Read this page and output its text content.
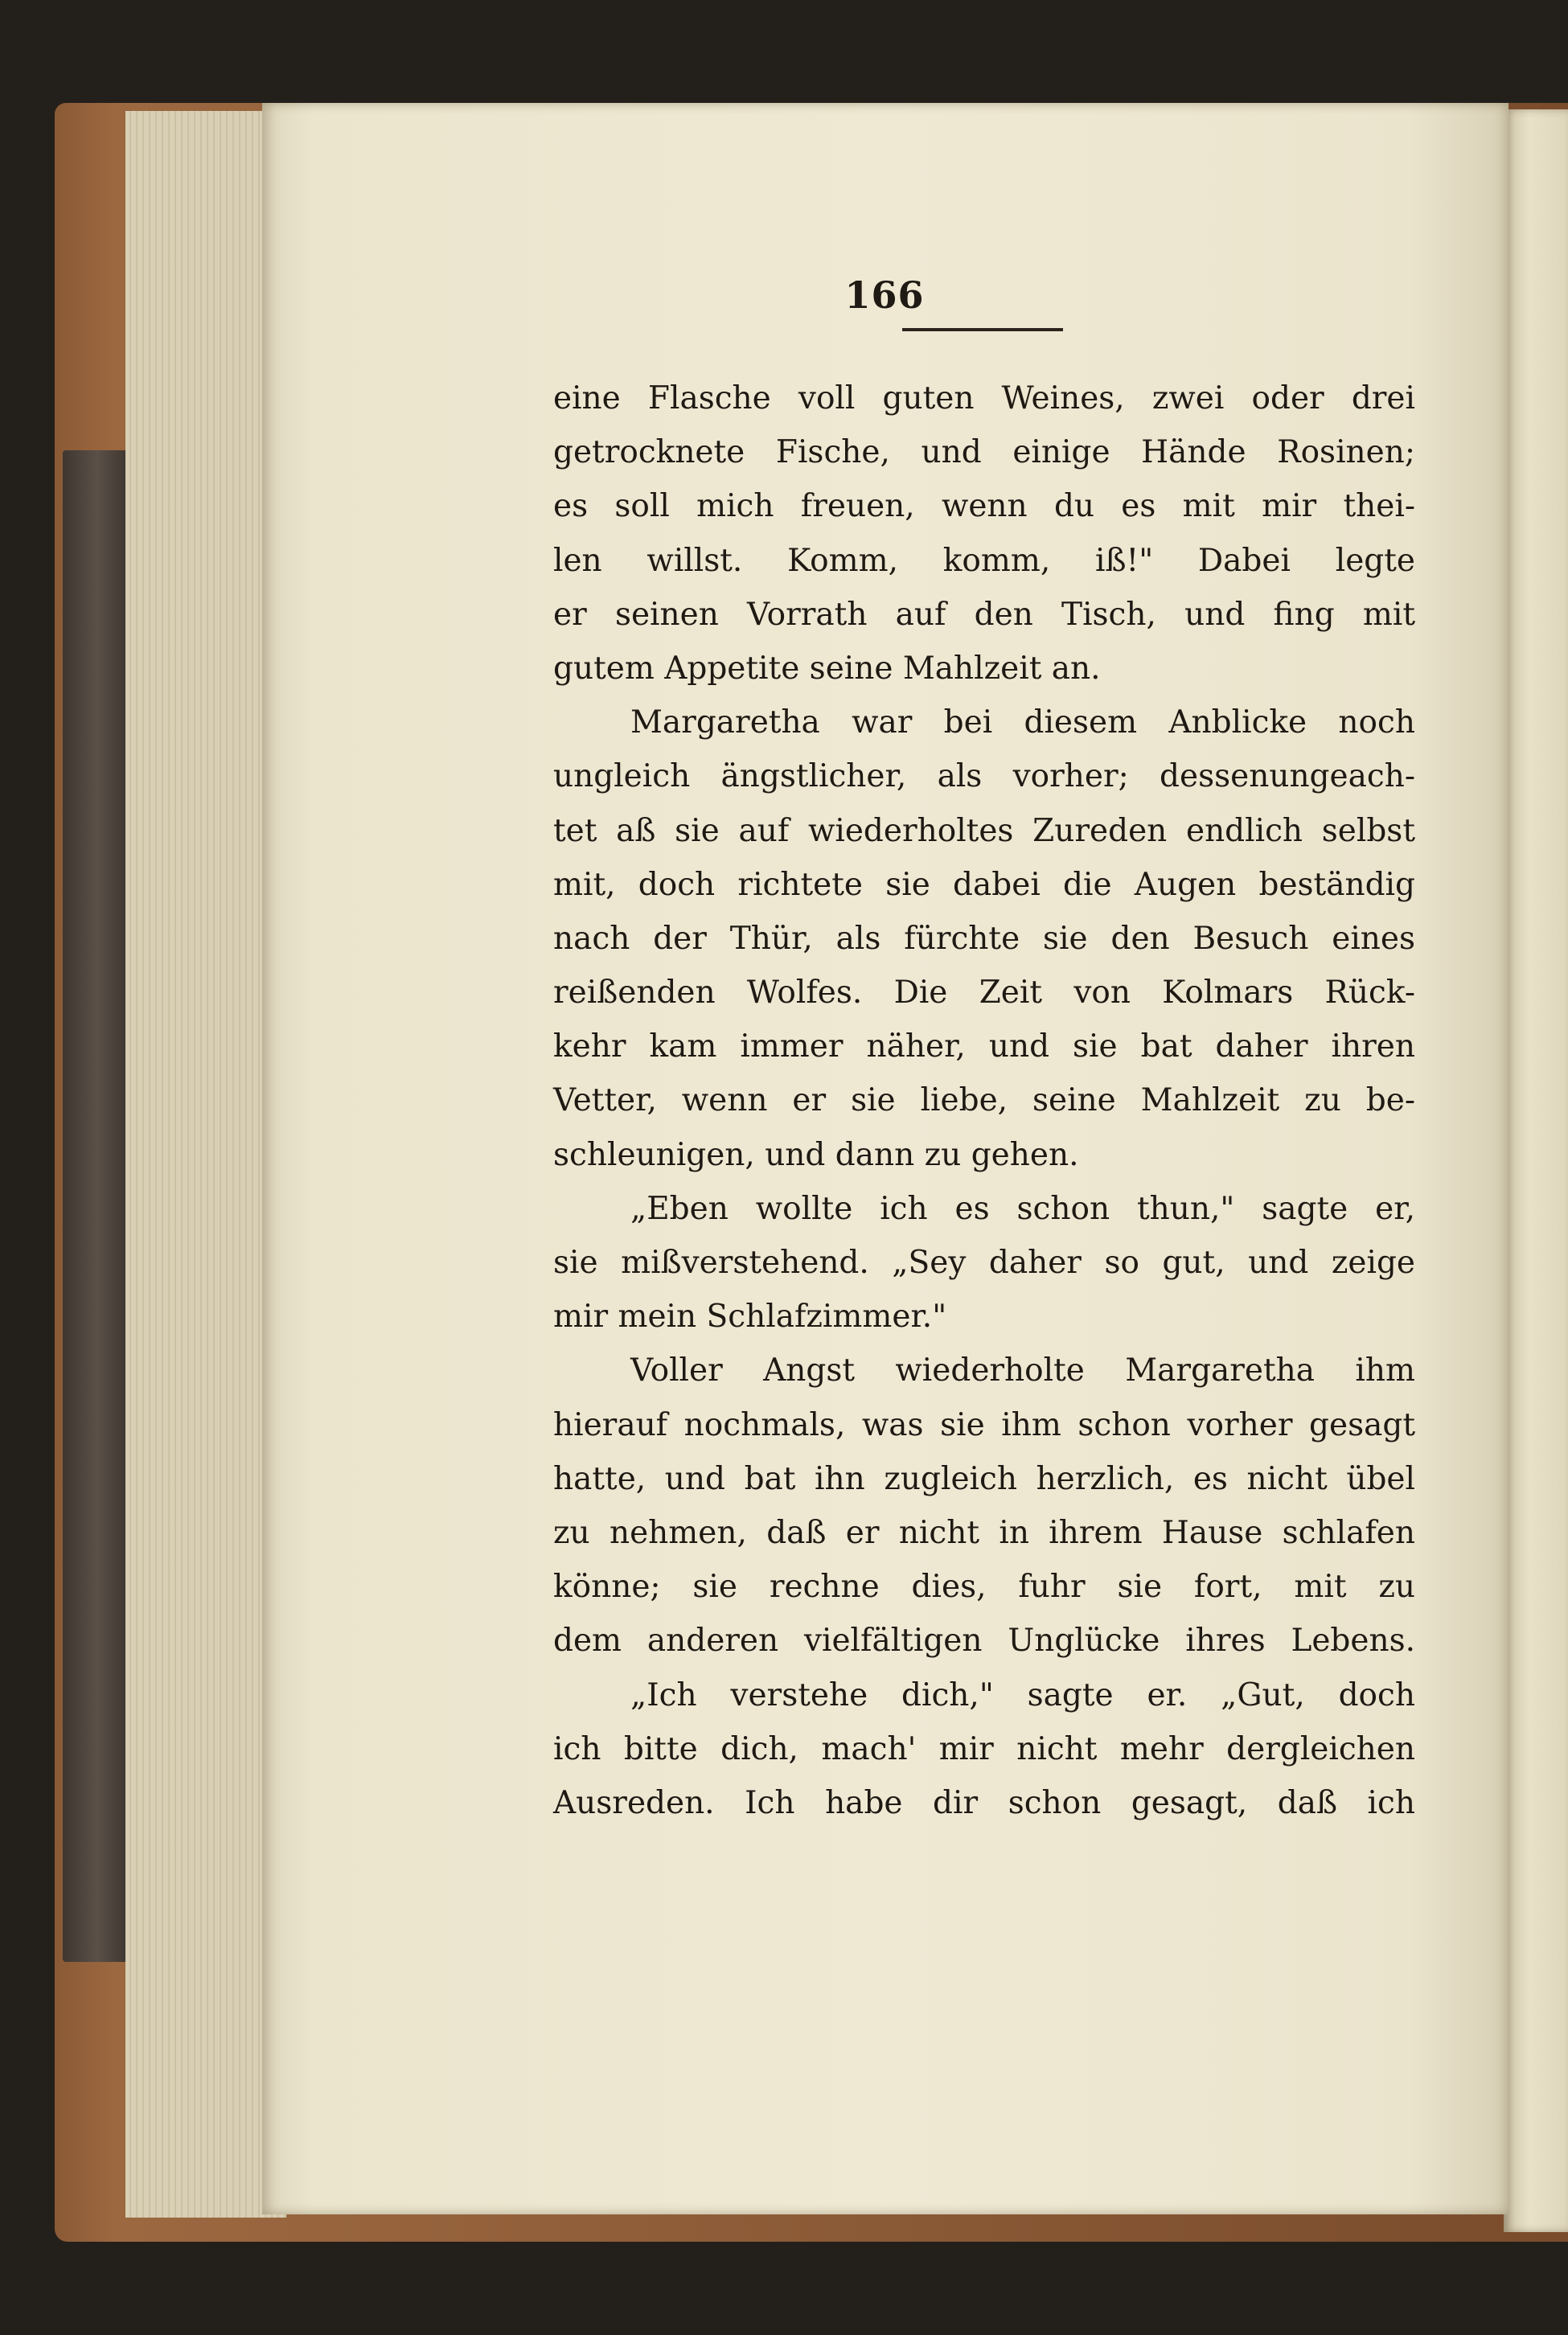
166
eine Flasche voll guten Weines, zwei oder drei
getrocknete Fische, und einige Hände Rosinen;
es soll mich freuen, wenn du es mit mir thei-
len willst. Komm, komm, iß!" Dabei legte
er seinen Vorrath auf den Tisch, und fing mit
gutem Appetite seine Mahlzeit an.
Margaretha war bei diesem Anblicke noch
ungleich ängstlicher, als vorher; dessenungeach-
tet aß sie auf wiederholtes Zureden endlich selbst
mit, doch richtete sie dabei die Augen beständig
nach der Thür, als fürchte sie den Besuch eines
reißenden Wolfes. Die Zeit von Kolmars Rück-
kehr kam immer näher, und sie bat daher ihren
Vetter, wenn er sie liebe, seine Mahlzeit zu be-
schleunigen, und dann zu gehen.
„Eben wollte ich es schon thun," sagte er,
sie mißverstehend. „Sey daher so gut, und zeige
mir mein Schlafzimmer."
Voller Angst wiederholte Margaretha ihm
hierauf nochmals, was sie ihm schon vorher gesagt
hatte, und bat ihn zugleich herzlich, es nicht übel
zu nehmen, daß er nicht in ihrem Hause schlafen
könne; sie rechne dies, fuhr sie fort, mit zu
dem anderen vielfältigen Unglücke ihres Lebens.
„Ich verstehe dich," sagte er. „Gut, doch
ich bitte dich, mach' mir nicht mehr dergleichen
Ausreden. Ich habe dir schon gesagt, daß ich
